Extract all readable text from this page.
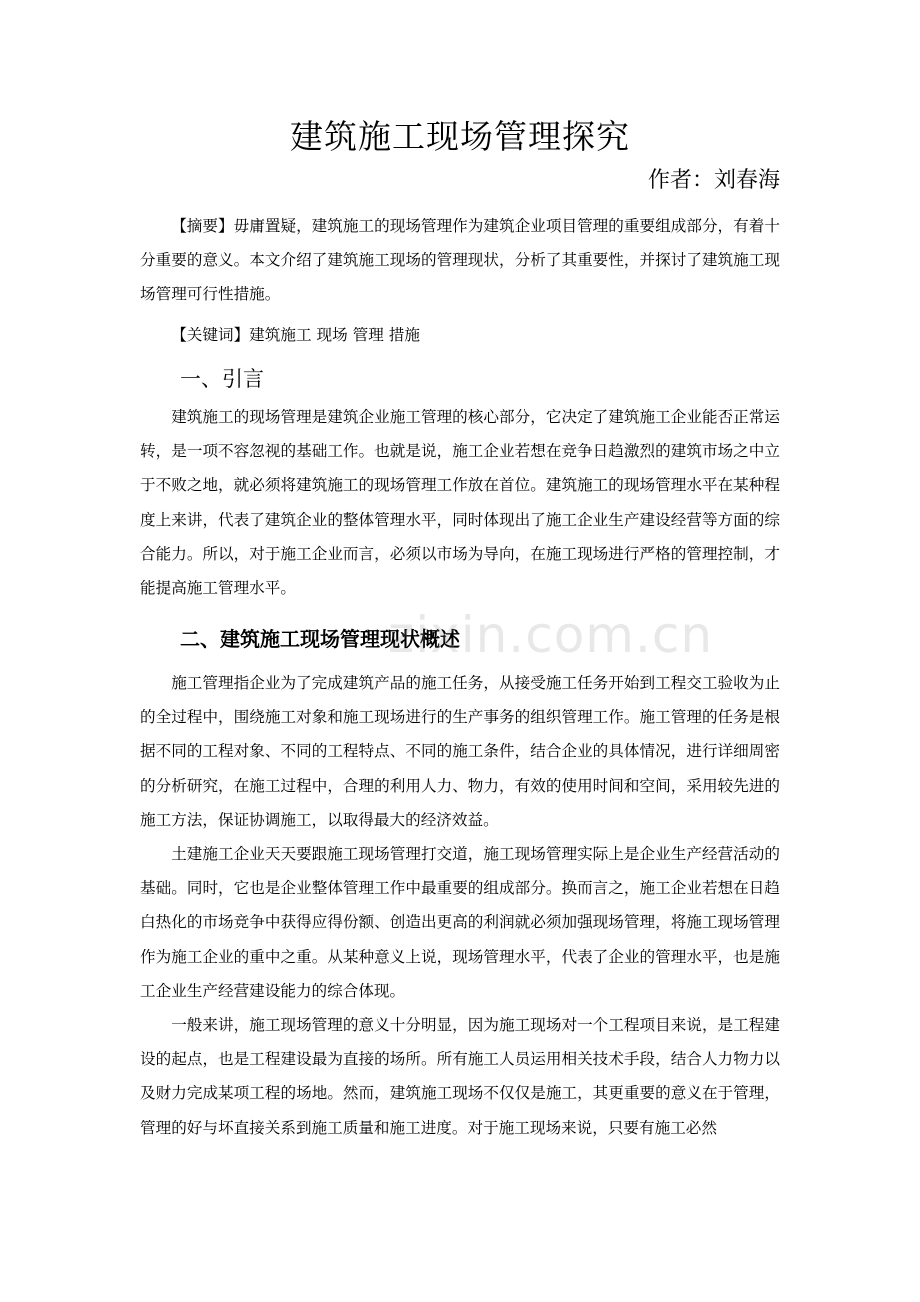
建筑施工现场管理探究
作者：刘春海

【摘要】毋庸置疑，建筑施工的现场管理作为建筑企业项目管理的重要组成部分，有着十分重要的意义。本文介绍了建筑施工现场的管理现状，分析了其重要性，并探讨了建筑施工现场管理可行性措施。

【关键词】建筑施工 现场 管理 措施

一、引言

建筑施工的现场管理是建筑企业施工管理的核心部分，它决定了建筑施工企业能否正常运转，是一项不容忽视的基础工作。也就是说，施工企业若想在竞争日趋激烈的建筑市场之中立于不败之地，就必须将建筑施工的现场管理工作放在首位。建筑施工的现场管理水平在某种程度上来讲，代表了建筑企业的整体管理水平，同时体现出了施工企业生产建设经营等方面的综合能力。所以，对于施工企业而言，必须以市场为导向，在施工现场进行严格的管理控制，才能提高施工管理水平。

二、建筑施工现场管理现状概述

施工管理指企业为了完成建筑产品的施工任务，从接受施工任务开始到工程交工验收为止的全过程中，围绕施工对象和施工现场进行的生产事务的组织管理工作。施工管理的任务是根据不同的工程对象、不同的工程特点、不同的施工条件，结合企业的具体情况，进行详细周密的分析研究，在施工过程中，合理的利用人力、物力，有效的使用时间和空间，采用较先进的施工方法，保证协调施工，以取得最大的经济效益。

土建施工企业天天要跟施工现场管理打交道，施工现场管理实际上是企业生产经营活动的基础。同时，它也是企业整体管理工作中最重要的组成部分。换而言之，施工企业若想在日趋白热化的市场竞争中获得应得份额、创造出更高的利润就必须加强现场管理，将施工现场管理作为施工企业的重中之重。从某种意义上说，现场管理水平，代表了企业的管理水平，也是施工企业生产经营建设能力的综合体现。

一般来讲，施工现场管理的意义十分明显，因为施工现场对一个工程项目来说，是工程建设的起点，也是工程建设最为直接的场所。所有施工人员运用相关技术手段，结合人力物力以及财力完成某项工程的场地。然而，建筑施工现场不仅仅是施工，其更重要的意义在于管理，管理的好与坏直接关系到施工质量和施工进度。对于施工现场来说，只要有施工必然

zixin.com.cn
